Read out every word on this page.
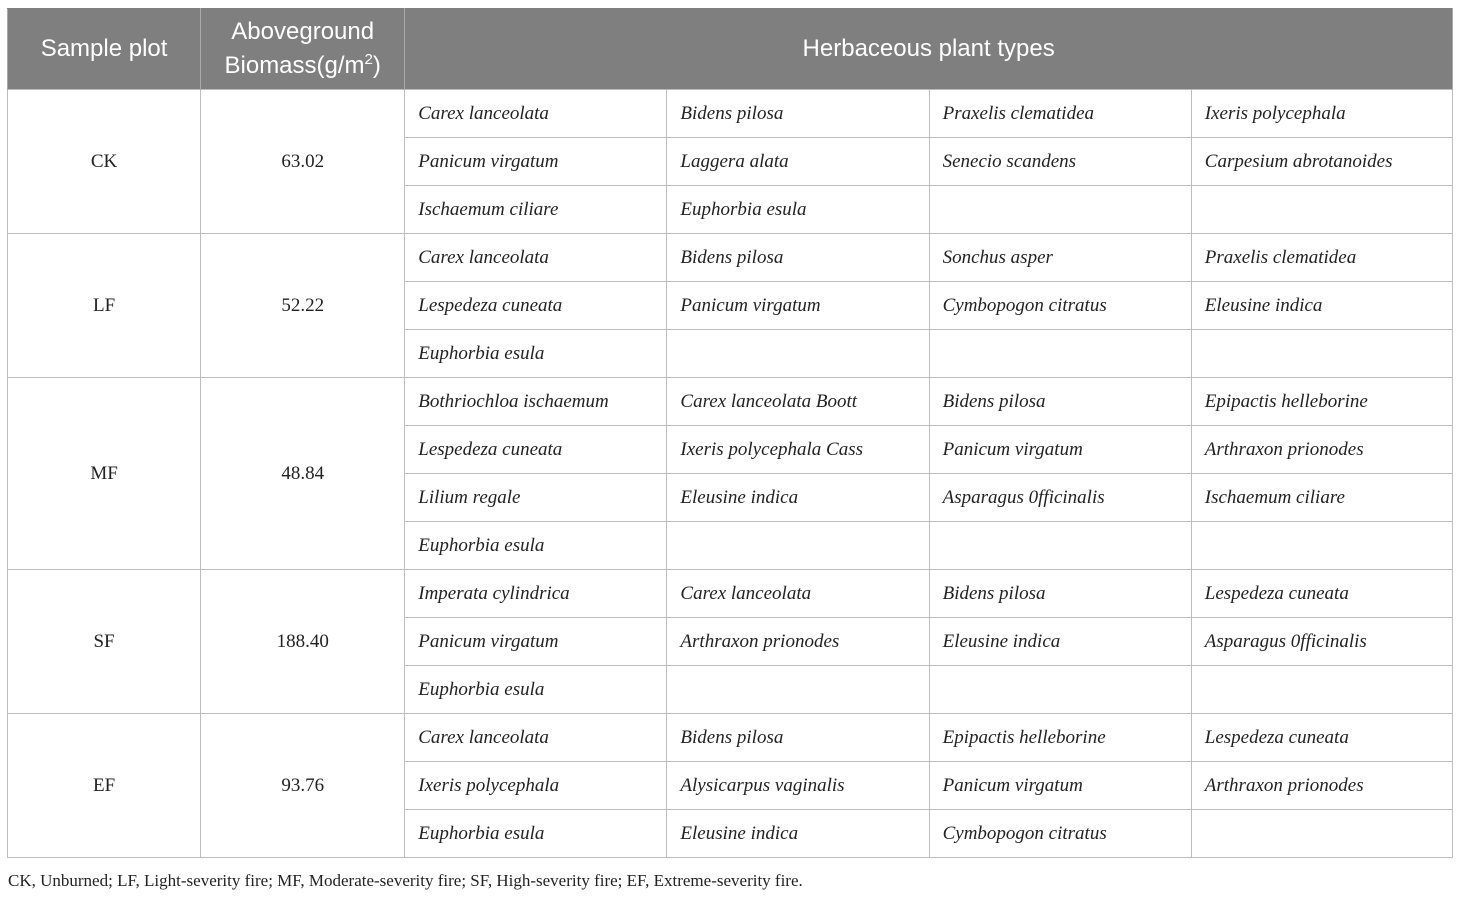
Sample plot	Aboveground
$Biomass(g/m^2)$	Herbaceous plant types			
CK	63.02	Carex lanceolata	Bidens pilosa	Praxelis clematidea	Ixeris polycephala
		Panicum virgatum	Laggera alata	Senecio scandens	Carpesium abrotanoides
		Ischaemum ciliare	Euphorbia esula		
LF	52.22	Carex lanceolata	Bidens pilosa	Sonchus asper	Praxelis clematidea
		Lespedeza cuneata	Panicum virgatum	Cymbopogon citratus	Eleusine indica
		Euphorbia esula			
MF	48.84	Bothriochloa ischaemum	Carex lanceolata Boott	Bidens pilosa	Epipactis helleborine
		Lespedeza cuneata	Ixeris polycephala Cass	Panicum virgatum	Arthraxon prionodes
		Lilium regale	Eleusine indica	Asparagus 0fficinalis	Ischaemum ciliare
		Euphorbia esula			
SF	188.40	Imperata cylindrica	Carex lanceolata	Bidens pilosa	Lespedeza cuneata
		Panicum virgatum	Arthraxon prionodes	Eleusine indica	Asparagus 0fficinalis
		Euphorbia esula			
EF	93.76	Carex lanceolata	Bidens pilosa	Epipactis helleborine	Lespedeza cuneata
		Ixeris polycephala	Alysicarpus vaginalis	Panicum virgatum	Arthraxon prionodes
		Euphorbia esula	Eleusine indica	Cymbopogon citratus	
CK, Unburned; LF, Light-severity fire; MF, Moderate-severity fire; SF, High-severity fire; EF, Extreme-severity fire.
